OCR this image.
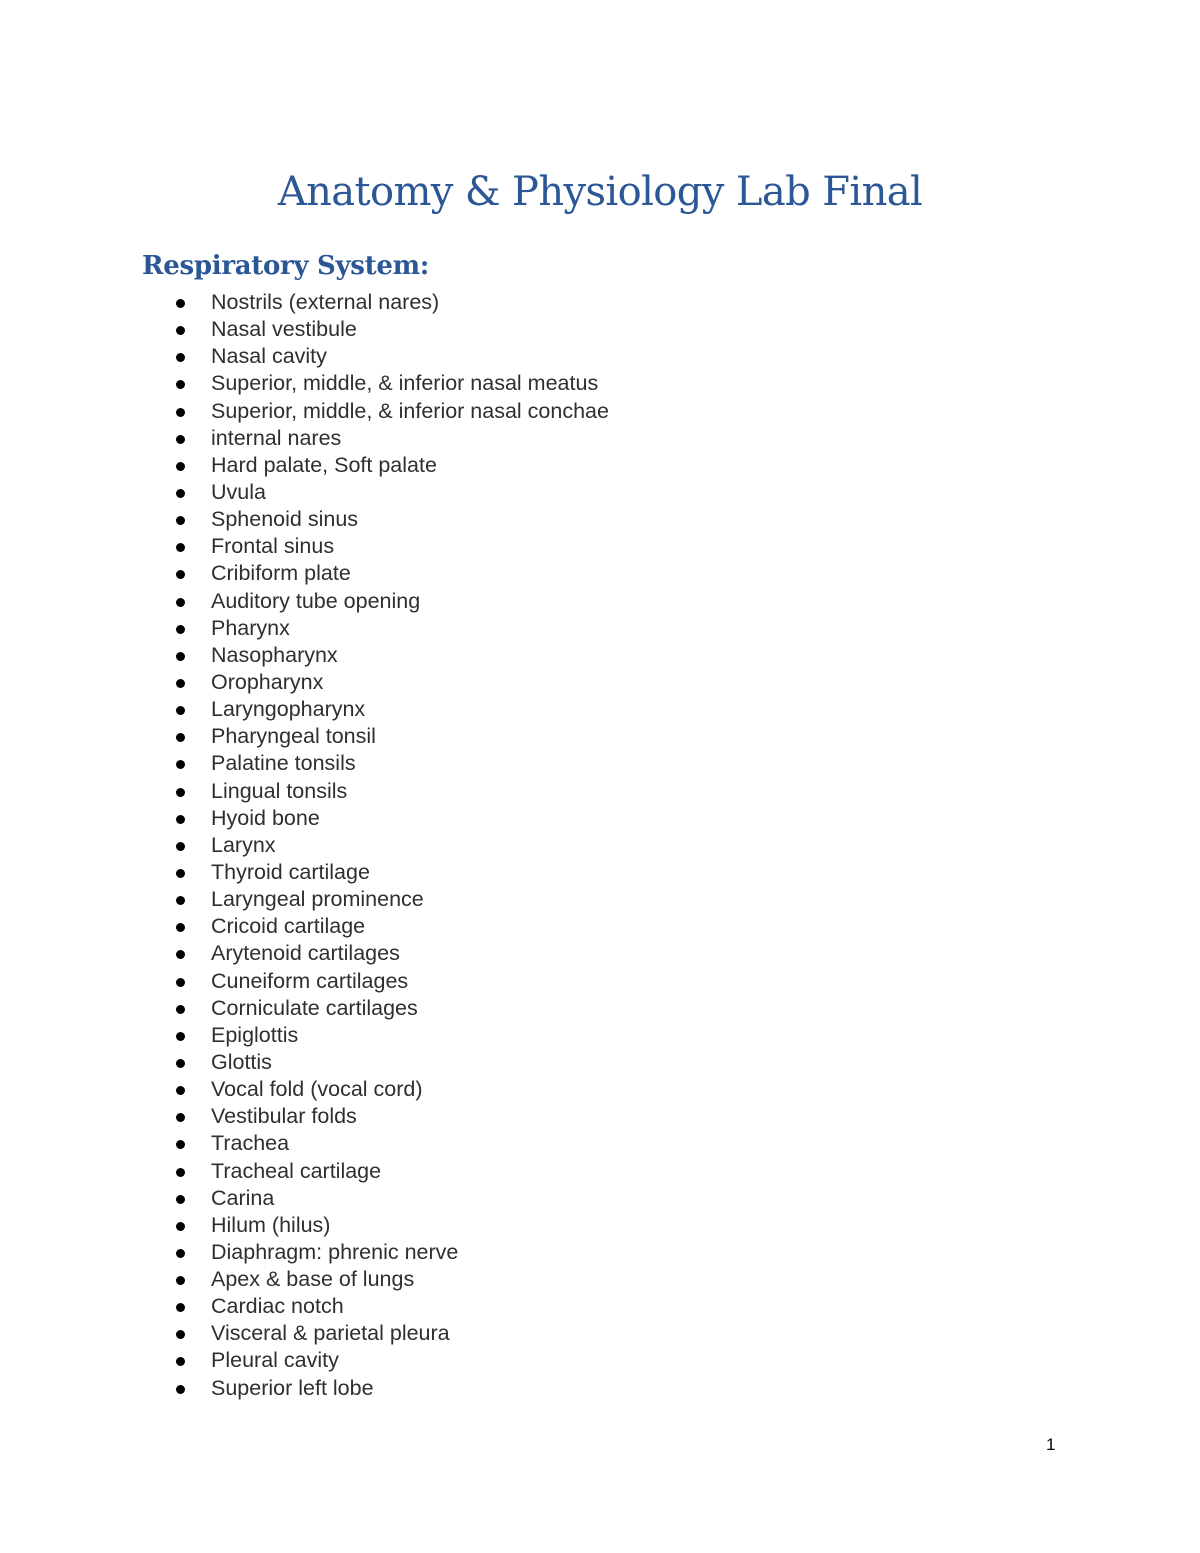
Anatomy & Physiology Lab Final
Respiratory System:
Nostrils (external nares)
Nasal vestibule
Nasal cavity
Superior, middle, & inferior nasal meatus
Superior, middle, & inferior nasal conchae
internal nares
Hard palate, Soft palate
Uvula
Sphenoid sinus
Frontal sinus
Cribiform plate
Auditory tube opening
Pharynx
Nasopharynx
Oropharynx
Laryngopharynx
Pharyngeal tonsil
Palatine tonsils
Lingual tonsils
Hyoid bone
Larynx
Thyroid cartilage
Laryngeal prominence
Cricoid cartilage
Arytenoid cartilages
Cuneiform cartilages
Corniculate cartilages
Epiglottis
Glottis
Vocal fold (vocal cord)
Vestibular folds
Trachea
Tracheal cartilage
Carina
Hilum (hilus)
Diaphragm: phrenic nerve
Apex & base of lungs
Cardiac notch
Visceral & parietal pleura
Pleural cavity
Superior left lobe
1
